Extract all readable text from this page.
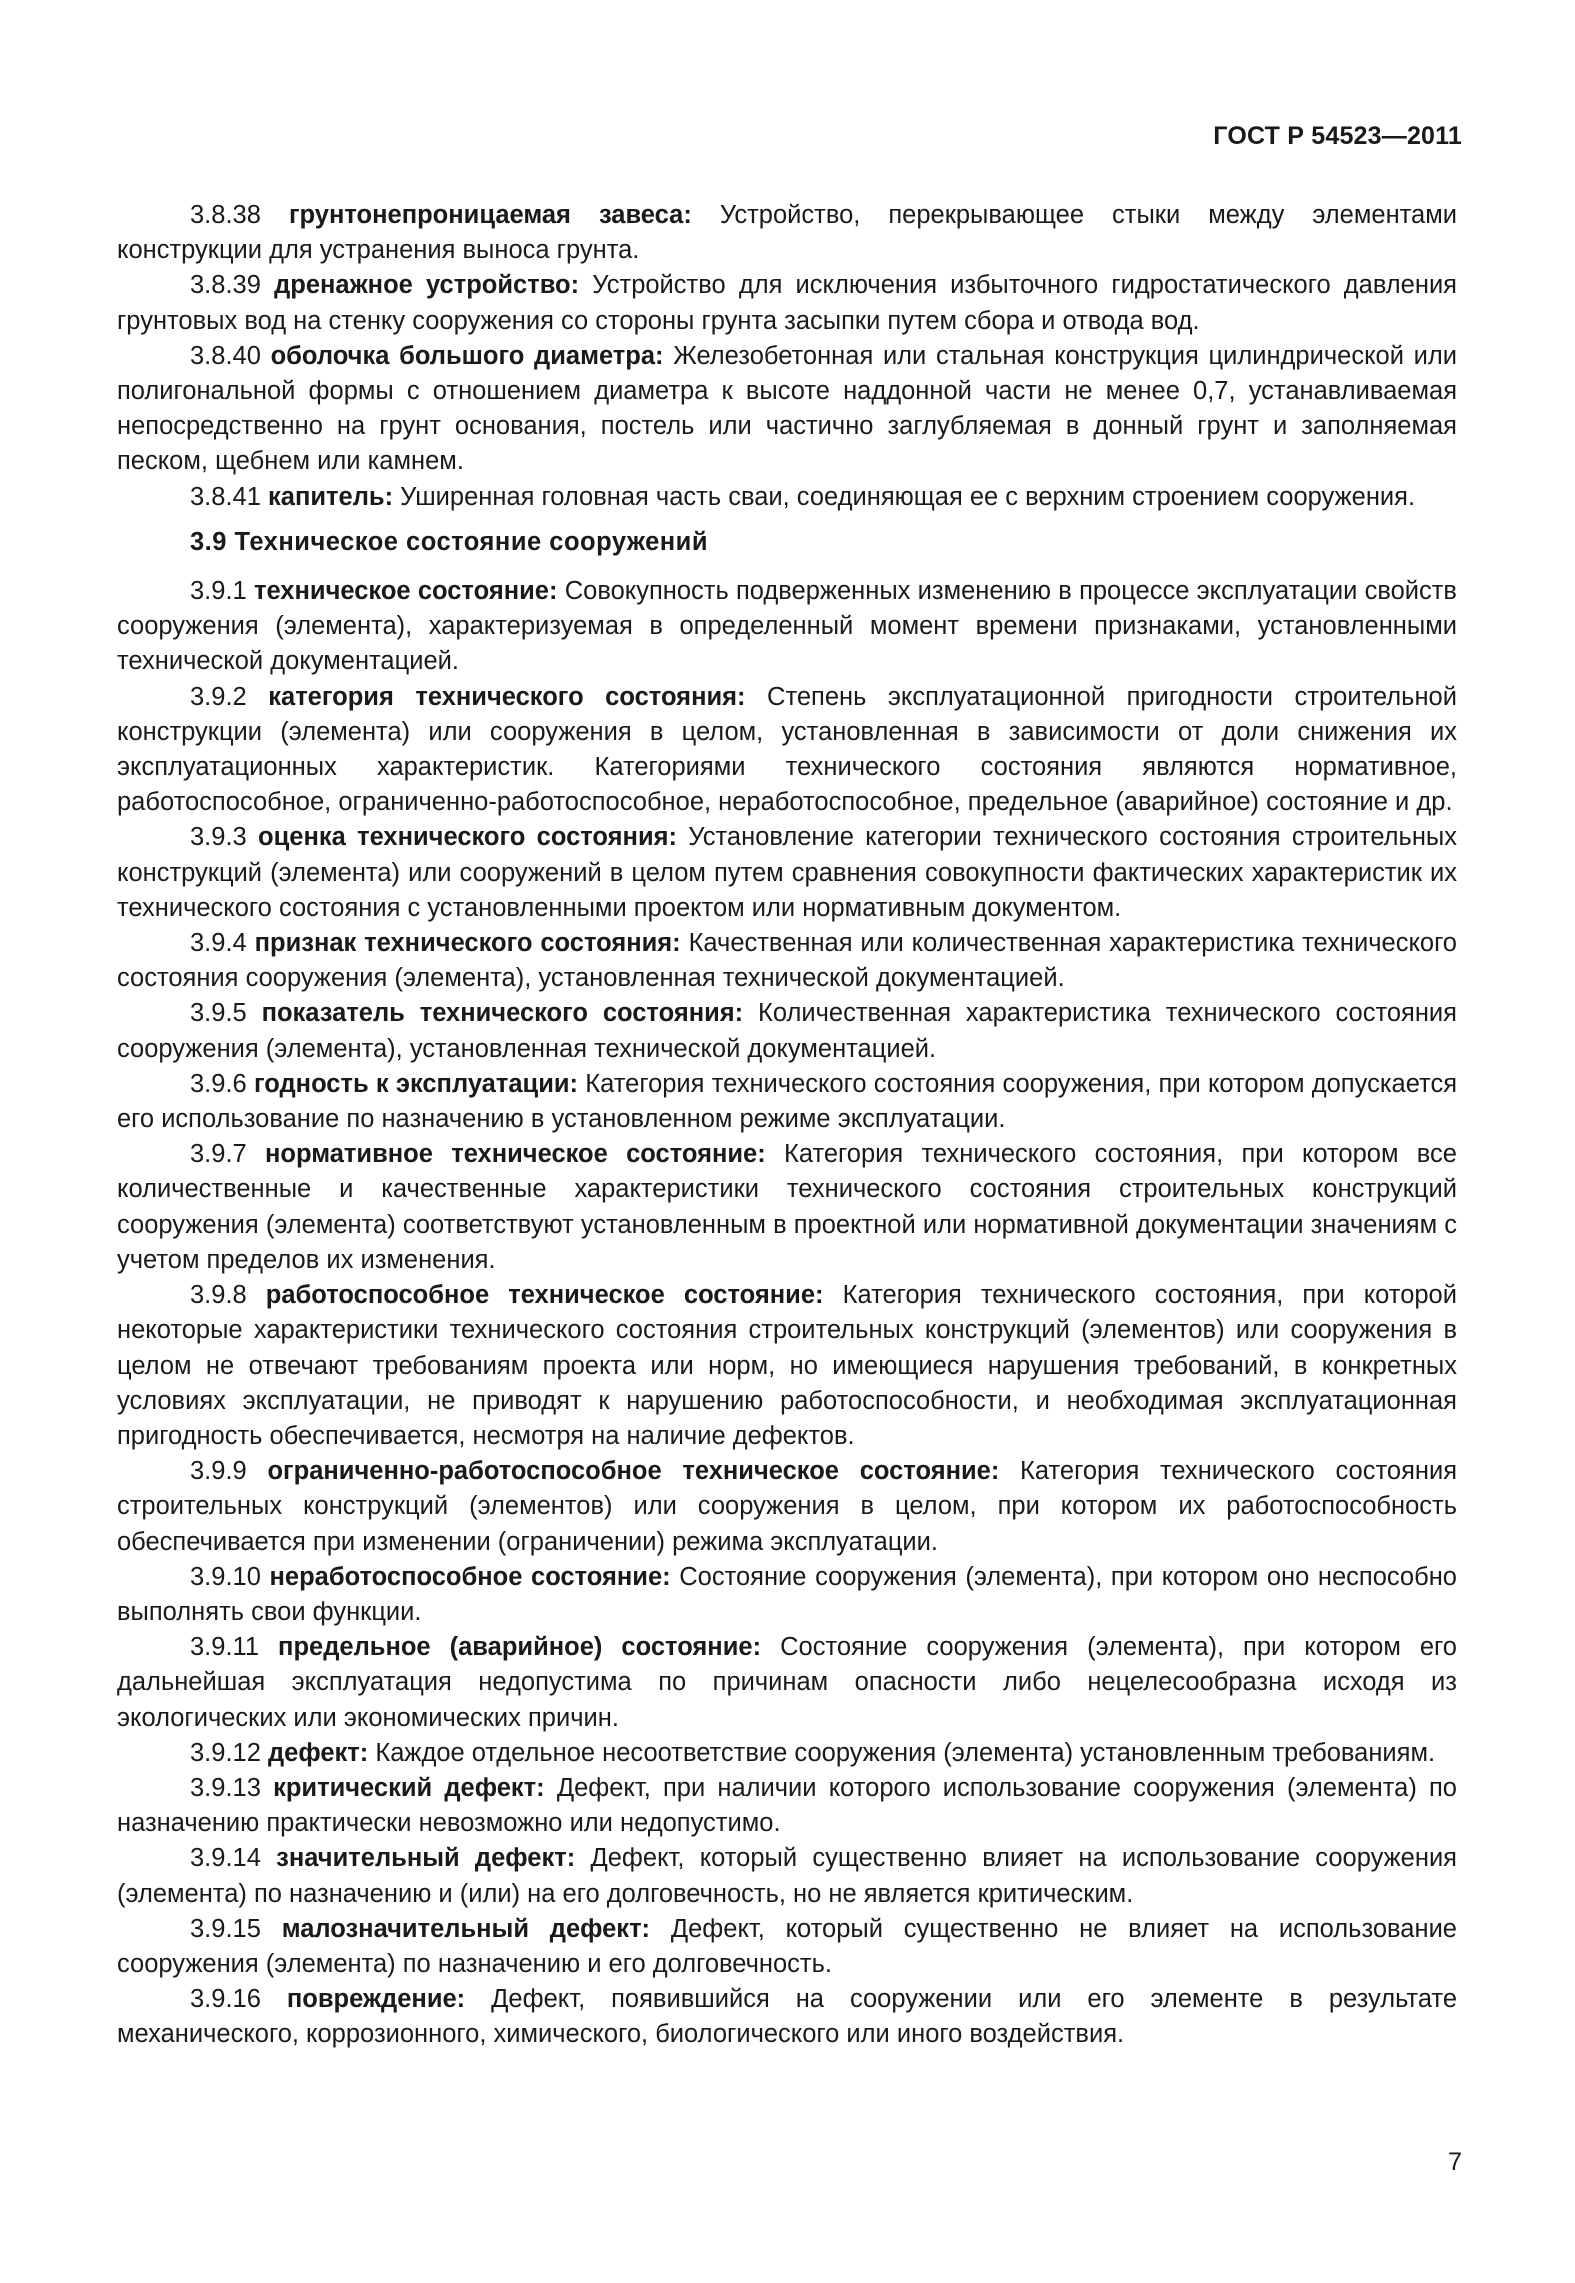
ГОСТ Р 54523—2011

3.8.38 грунтонепроницаемая завеса: Устройство, перекрывающее стыки между элементами конструкции для устранения выноса грунта.

3.8.39 дренажное устройство: Устройство для исключения избыточного гидростатического давления грунтовых вод на стенку сооружения со стороны грунта засыпки путем сбора и отвода вод.

3.8.40 оболочка большого диаметра: Железобетонная или стальная конструкция цилиндрической или полигональной формы с отношением диаметра к высоте наддонной части не менее 0,7, устанавливаемая непосредственно на грунт основания, постель или частично заглубляемая в донный грунт и заполняемая песком, щебнем или камнем.

3.8.41 капитель: Уширенная головная часть сваи, соединяющая ее с верхним строением сооружения.

3.9 Техническое состояние сооружений

3.9.1 техническое состояние: Совокупность подверженных изменению в процессе эксплуатации свойств сооружения (элемента), характеризуемая в определенный момент времени признаками, установленными технической документацией.

3.9.2 категория технического состояния: Степень эксплуатационной пригодности строительной конструкции (элемента) или сооружения в целом, установленная в зависимости от доли снижения их эксплуатационных характеристик. Категориями технического состояния являются нормативное, работоспособное, ограниченно-работоспособное, неработоспособное, предельное (аварийное) состояние и др.

3.9.3 оценка технического состояния: Установление категории технического состояния строительных конструкций (элемента) или сооружений в целом путем сравнения совокупности фактических характеристик их технического состояния с установленными проектом или нормативным документом.

3.9.4 признак технического состояния: Качественная или количественная характеристика технического состояния сооружения (элемента), установленная технической документацией.

3.9.5 показатель технического состояния: Количественная характеристика технического состояния сооружения (элемента), установленная технической документацией.

3.9.6 годность к эксплуатации: Категория технического состояния сооружения, при котором допускается его использование по назначению в установленном режиме эксплуатации.

3.9.7 нормативное техническое состояние: Категория технического состояния, при котором все количественные и качественные характеристики технического состояния строительных конструкций сооружения (элемента) соответствуют установленным в проектной или нормативной документации значениям с учетом пределов их изменения.

3.9.8 работоспособное техническое состояние: Категория технического состояния, при которой некоторые характеристики технического состояния строительных конструкций (элементов) или сооружения в целом не отвечают требованиям проекта или норм, но имеющиеся нарушения требований, в конкретных условиях эксплуатации, не приводят к нарушению работоспособности, и необходимая эксплуатационная пригодность обеспечивается, несмотря на наличие дефектов.

3.9.9 ограниченно-работоспособное техническое состояние: Категория технического состояния строительных конструкций (элементов) или сооружения в целом, при котором их работоспособность обеспечивается при изменении (ограничении) режима эксплуатации.

3.9.10 неработоспособное состояние: Состояние сооружения (элемента), при котором оно неспособно выполнять свои функции.

3.9.11 предельное (аварийное) состояние: Состояние сооружения (элемента), при котором его дальнейшая эксплуатация недопустима по причинам опасности либо нецелесообразна исходя из экологических или экономических причин.

3.9.12 дефект: Каждое отдельное несоответствие сооружения (элемента) установленным требованиям.

3.9.13 критический дефект: Дефект, при наличии которого использование сооружения (элемента) по назначению практически невозможно или недопустимо.

3.9.14 значительный дефект: Дефект, который существенно влияет на использование сооружения (элемента) по назначению и (или) на его долговечность, но не является критическим.

3.9.15 малозначительный дефект: Дефект, который существенно не влияет на использование сооружения (элемента) по назначению и его долговечность.

3.9.16 повреждение: Дефект, появившийся на сооружении или его элементе в результате механического, коррозионного, химического, биологического или иного воздействия.

7
